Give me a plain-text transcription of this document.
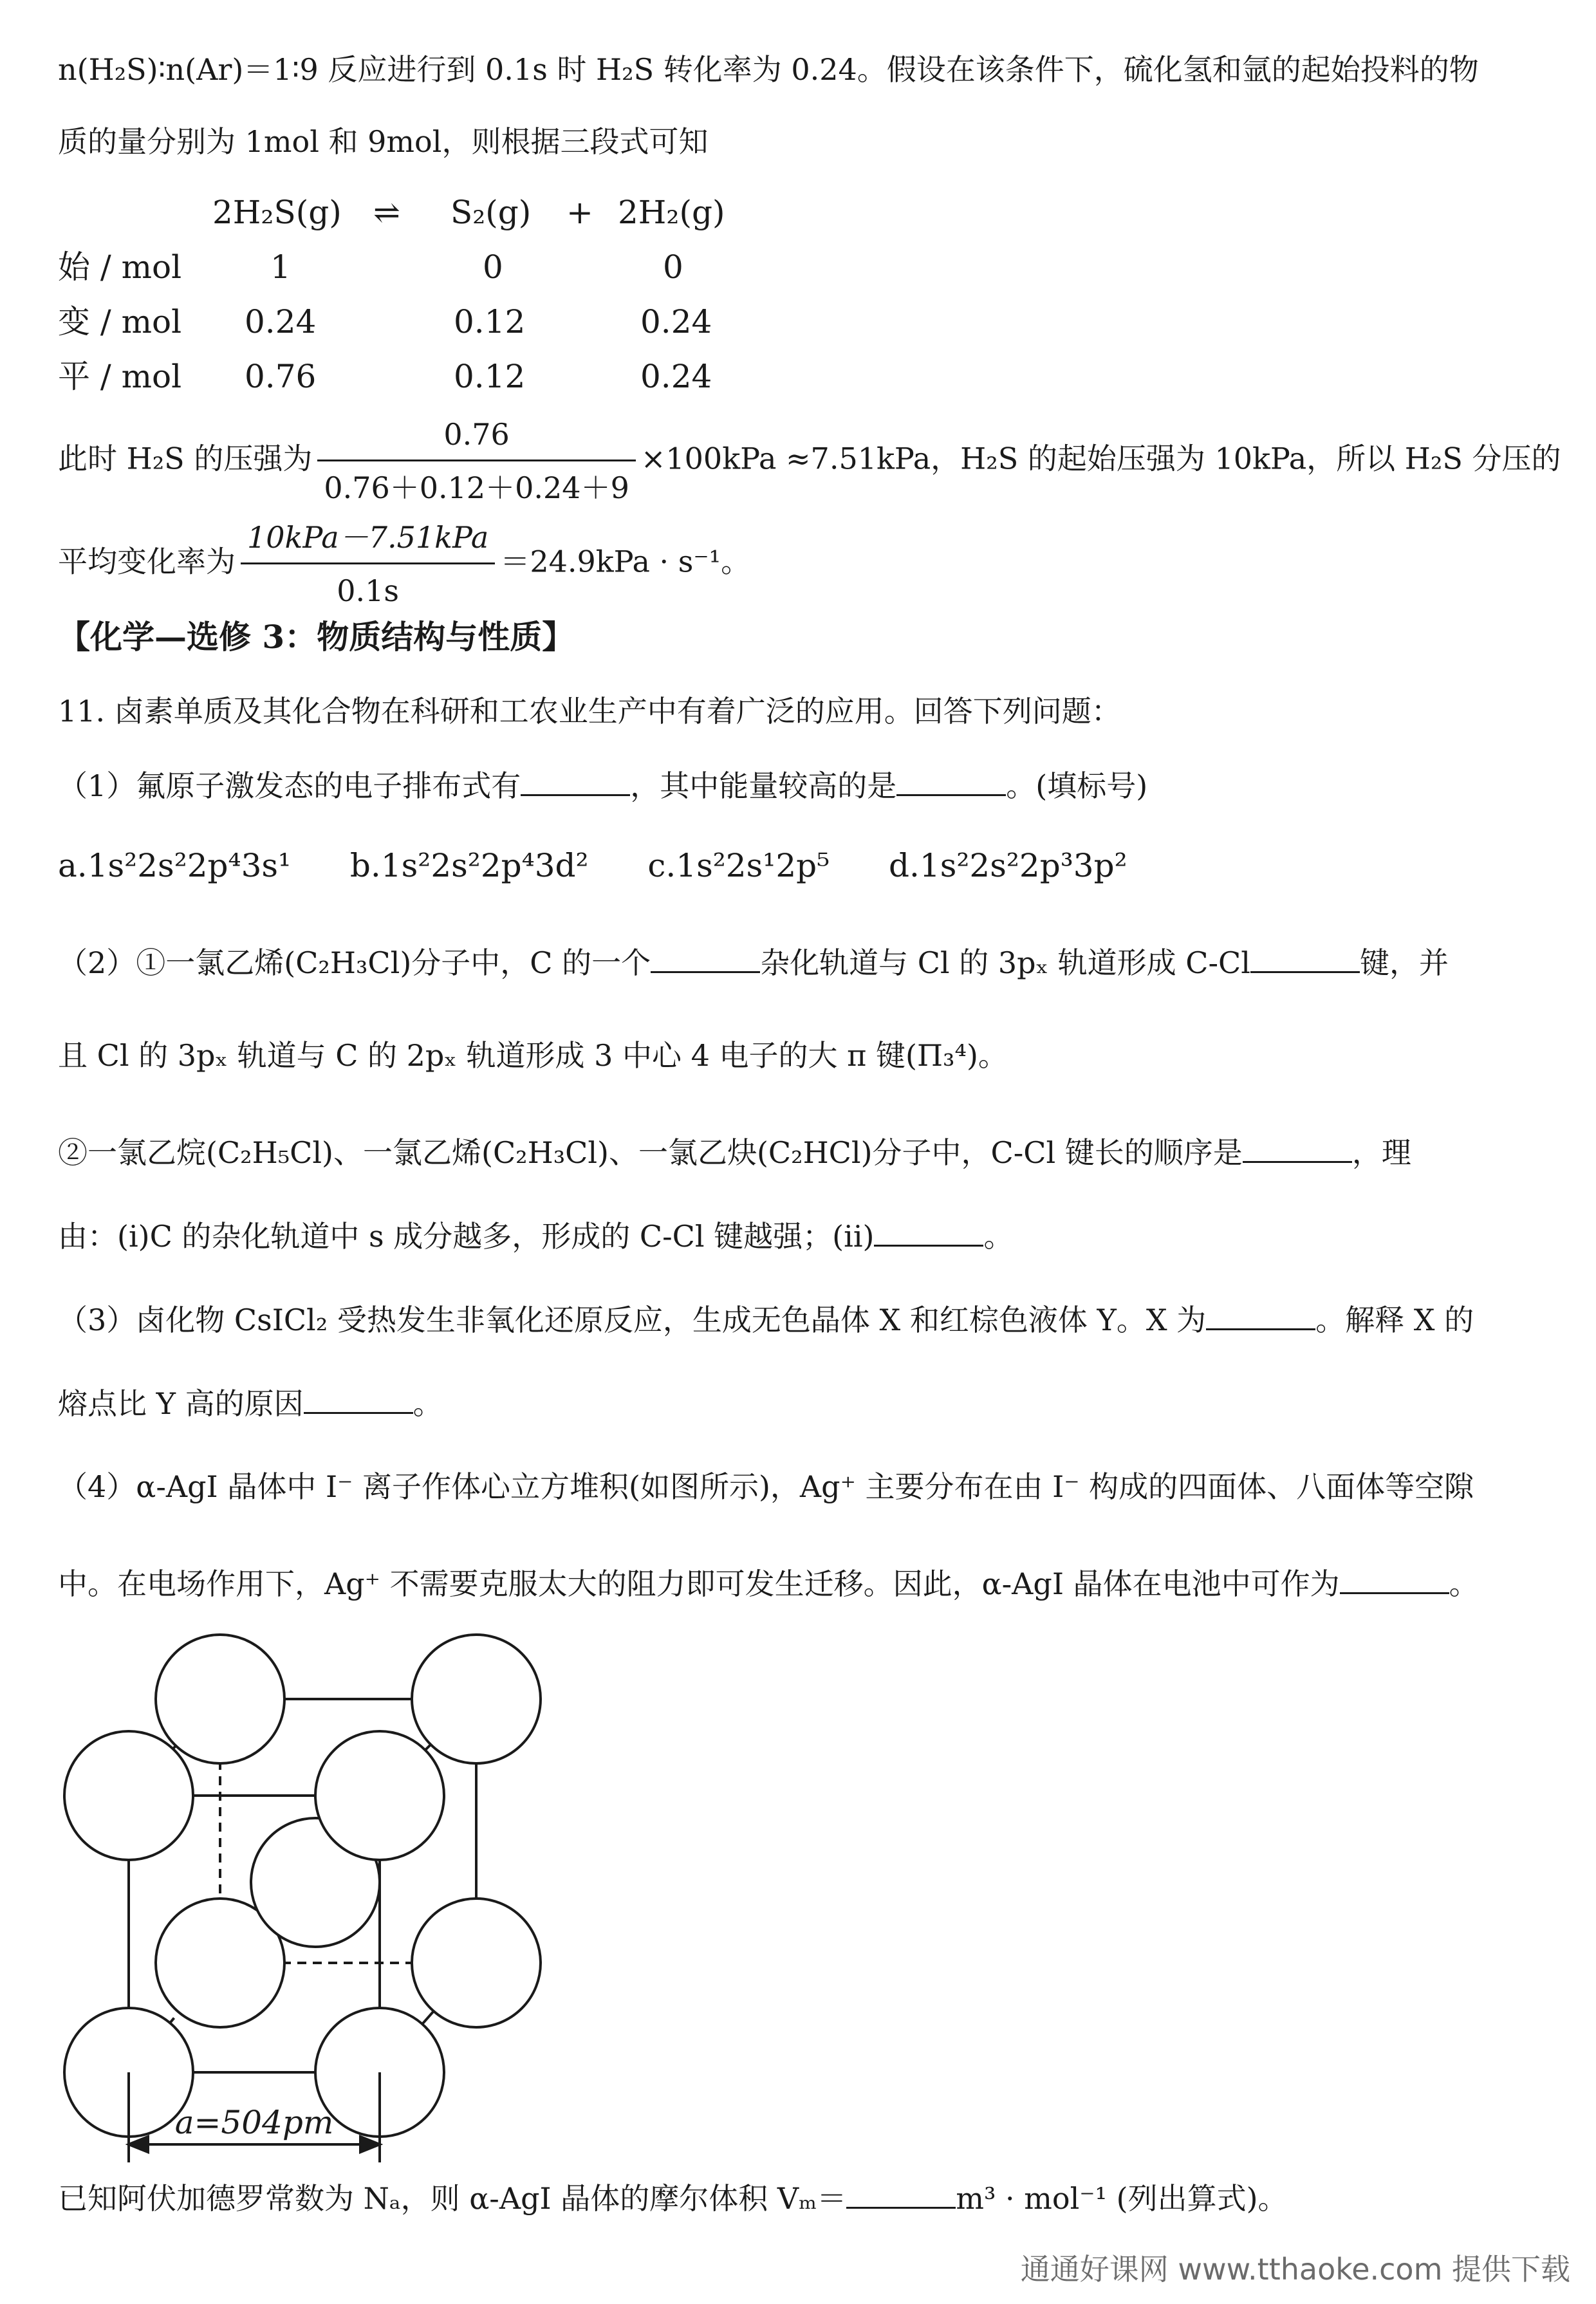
n(H₂S)∶n(Ar)＝1∶9 反应进行到 0.1s 时 H₂S 转化率为 0.24。假设在该条件下，硫化氢和氩的起始投料的物
质的量分别为 1mol 和 9mol，则根据三段式可知
2H₂S(g) ⇌ S₂(g) + 2H₂(g)
始 / mol	1	0	0
变 / mol 0.24	0.12	0.24
平 / mol 0.76	0.12	0.24
此时 H₂S 的压强为 $\frac{0.76}{0.76+0.12+0.24+9} \times 100kPa \approx 7.51kPa$，H₂S 的起始压强为 10kPa，所以 H₂S 分压的
平均变化率为 $\frac{\text{10kPa－7.51kPa}}{0.1s} =24.9kPa \cdot s^{-1}$。
【化学—选修 3：物质结构与性质】
11. 卤素单质及其化合物在科研和工农业生产中有着广泛的应用。回答下列问题：
（1）氟原子激发态的电子排布式有	，其中能量较高的是	。(填标号)
a.1s²2s²2p⁴3s¹ b.1s²2s²2p⁴3d² c.1s²2s¹2p⁵ d.1s²2s²2p³3p²
（2）①一氯乙烯(C₂H₃Cl)分子中，C 的一个	杂化轨道与 Cl 的 3pₓ 轨道形成 C-Cl	键，并
且 Cl 的 3pₓ 轨道与 C 的 2pₓ 轨道形成 3 中心 4 电子的大 π 键(Π₃⁴)。
②一氯乙烷(C₂H₅Cl)、一氯乙烯(C₂H₃Cl)、一氯乙炔(C₂HCl)分子中，C-Cl 键长的顺序是	，理
由：(i)C 的杂化轨道中 s 成分越多，形成的 C-Cl 键越强；(ii)	。
（3）卤化物 CsICl₂ 受热发生非氧化还原反应，生成无色晶体 X 和红棕色液体 Y。X 为	。解释 X 的
熔点比 Y 高的原因	。
（4）α-AgI 晶体中 I⁻ 离子作体心立方堆积(如图所示)，Ag⁺ 主要分布在由 I⁻ 构成的四面体、八面体等空隙
中。在电场作用下，Ag⁺ 不需要克服太大的阻力即可发生迁移。因此，α-AgI 晶体在电池中可作为	。
a=504pm
已知阿伏加德罗常数为 Nₐ，则 α-AgI 晶体的摩尔体积 Vₘ＝	m³ · mol⁻¹ (列出算式)。
通通好课网 www.tthaoke.com 提供下载
